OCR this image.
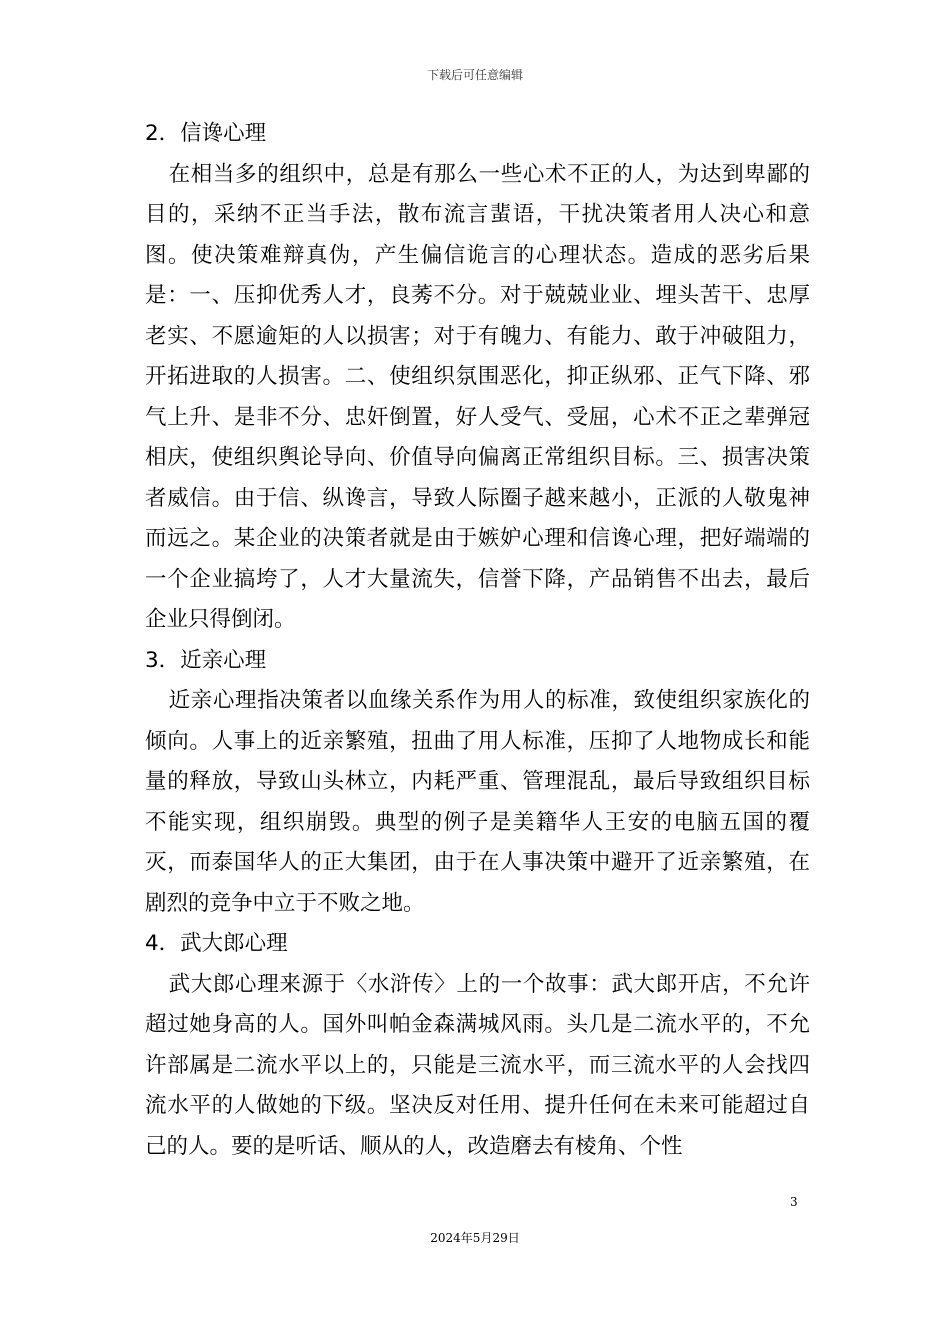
下载后可任意编辑

2．信谗心理

在相当多的组织中，总是有那么一些心术不正的人，为达到卑鄙的目的，采纳不正当手法，散布流言蜚语，干扰决策者用人决心和意图。使决策难辩真伪，产生偏信诡言的心理状态。造成的恶劣后果是：一、压抑优秀人才，良莠不分。对于兢兢业业、埋头苦干、忠厚老实、不愿逾矩的人以损害；对于有魄力、有能力、敢于冲破阻力，开拓进取的人损害。二、使组织氛围恶化，抑正纵邪、正气下降、邪气上升、是非不分、忠奸倒置，好人受气、受屈，心术不正之辈弹冠相庆，使组织舆论导向、价值导向偏离正常组织目标。三、损害决策者威信。由于信、纵谗言，导致人际圈子越来越小，正派的人敬鬼神而远之。某企业的决策者就是由于嫉妒心理和信谗心理，把好端端的一个企业搞垮了，人才大量流失，信誉下降，产品销售不出去，最后企业只得倒闭。

3．近亲心理

近亲心理指决策者以血缘关系作为用人的标准，致使组织家族化的倾向。人事上的近亲繁殖，扭曲了用人标准，压抑了人地物成长和能量的释放，导致山头林立，内耗严重、管理混乱，最后导致组织目标不能实现，组织崩毁。典型的例子是美籍华人王安的电脑五国的覆灭，而泰国华人的正大集团，由于在人事决策中避开了近亲繁殖，在剧烈的竞争中立于不败之地。

4．武大郎心理

武大郎心理来源于〈水浒传〉上的一个故事：武大郎开店，不允许超过她身高的人。国外叫帕金森满城风雨。头几是二流水平的，不允许部属是二流水平以上的，只能是三流水平，而三流水平的人会找四流水平的人做她的下级。坚决反对任用、提升任何在未来可能超过自己的人。要的是听话、顺从的人，改造磨去有棱角、个性

3
2024年5月29日
